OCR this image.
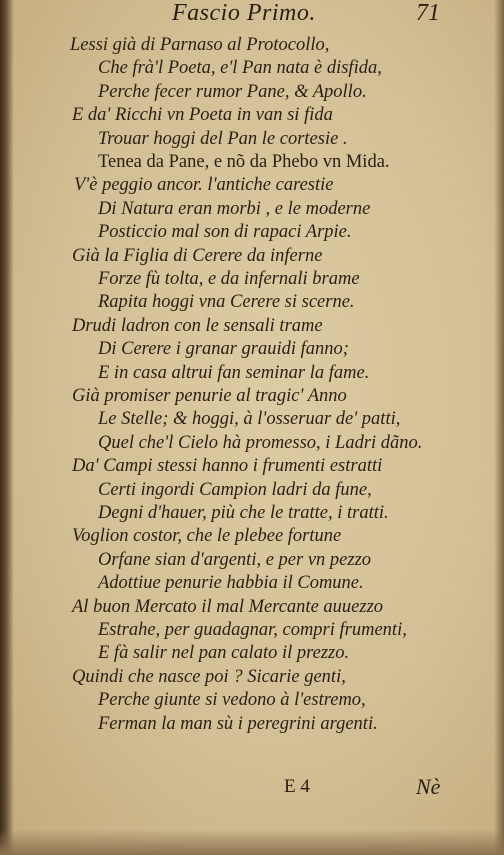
Fascio Primo.	71
Lessi già di Parnaso al Protocollo,
Che frà'l Poeta, e'l Pan nata è disfida,
Perche fecer rumor Pane, & Apollo.
E da' Ricchi vn Poeta in van si fida
Trouar hoggi del Pan le cortesie .
Tenea da Pane, e nõ da Phebo vn Mida.
V'è peggio ancor. l'antiche carestie
Di Natura eran morbi , e le moderne
Posticcio mal son di rapaci Arpie.
Già la Figlia di Cerere da inferne
Forze fù tolta, e da infernali brame
Rapita hoggi vna Cerere si scerne.
Drudi ladron con le sensali trame
Di Cerere i granar grauidi fanno;
E in casa altrui fan seminar la fame.
Già promiser penurie al tragic' Anno
Le Stelle; & hoggi, à l'osseruar de' patti,
Quel che'l Cielo hà promesso, i Ladri dãno.
Da' Campi stessi hanno i frumenti estratti
Certi ingordi Campion ladri da fune,
Degni d'hauer, più che le tratte, i tratti.
Voglion costor, che le plebee fortune
Orfane sian d'argenti, e per vn pezzo
Adottiue penurie habbia il Comune.
Al buon Mercato il mal Mercante auuezzo
Estrahe, per guadagnar, compri frumenti,
E fà salir nel pan calato il prezzo.
Quindi che nasce poi ? Sicarie genti,
Perche giunte si vedono à l'estremo,
Ferman la man sù i peregrini argenti.
E 4	Nè
